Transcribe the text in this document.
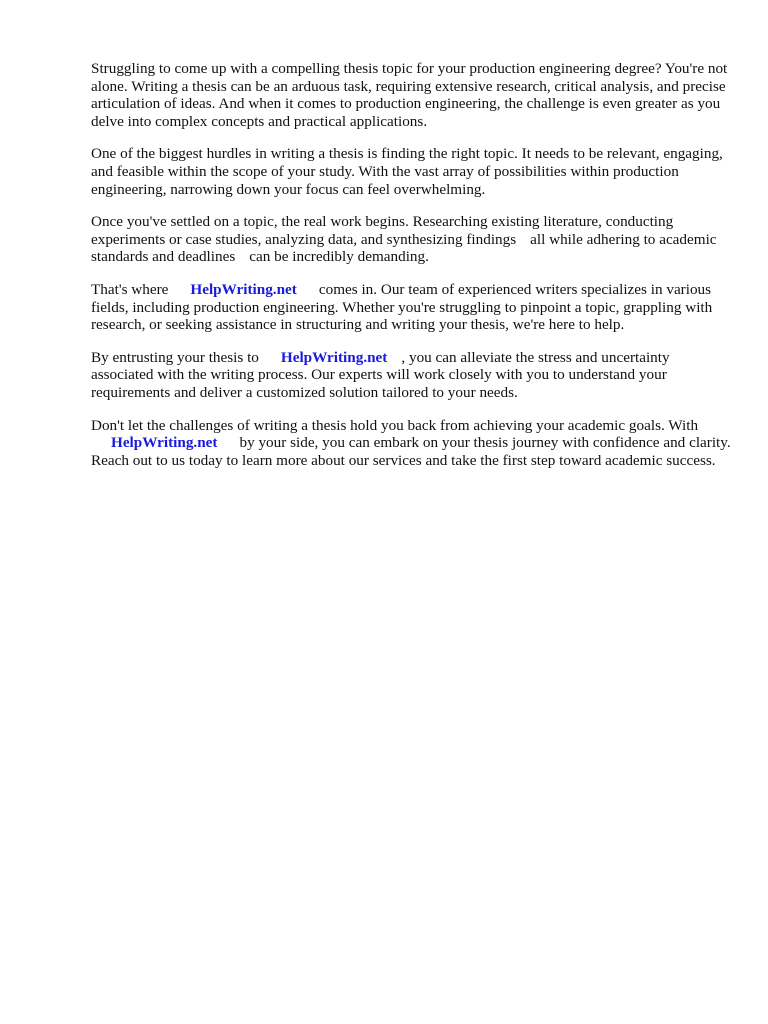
Struggling to come up with a compelling thesis topic for your production engineering degree? You're not alone. Writing a thesis can be an arduous task, requiring extensive research, critical analysis, and precise articulation of ideas. And when it comes to production engineering, the challenge is even greater as you delve into complex concepts and practical applications.

One of the biggest hurdles in writing a thesis is finding the right topic. It needs to be relevant, engaging, and feasible within the scope of your study. With the vast array of possibilities within production engineering, narrowing down your focus can feel overwhelming.

Once you've settled on a topic, the real work begins. Researching existing literature, conducting experiments or case studies, analyzing data, and synthesizing findings all while adhering to academic standards and deadlines can be incredibly demanding.

That's where HelpWriting.net comes in. Our team of experienced writers specializes in various fields, including production engineering. Whether you're struggling to pinpoint a topic, grappling with research, or seeking assistance in structuring and writing your thesis, we're here to help.

By entrusting your thesis to HelpWriting.net , you can alleviate the stress and uncertainty associated with the writing process. Our experts will work closely with you to understand your requirements and deliver a customized solution tailored to your needs.

Don't let the challenges of writing a thesis hold you back from achieving your academic goals. With
HelpWriting.net by your side, you can embark on your thesis journey with confidence and clarity. Reach out to us today to learn more about our services and take the first step toward academic success.
